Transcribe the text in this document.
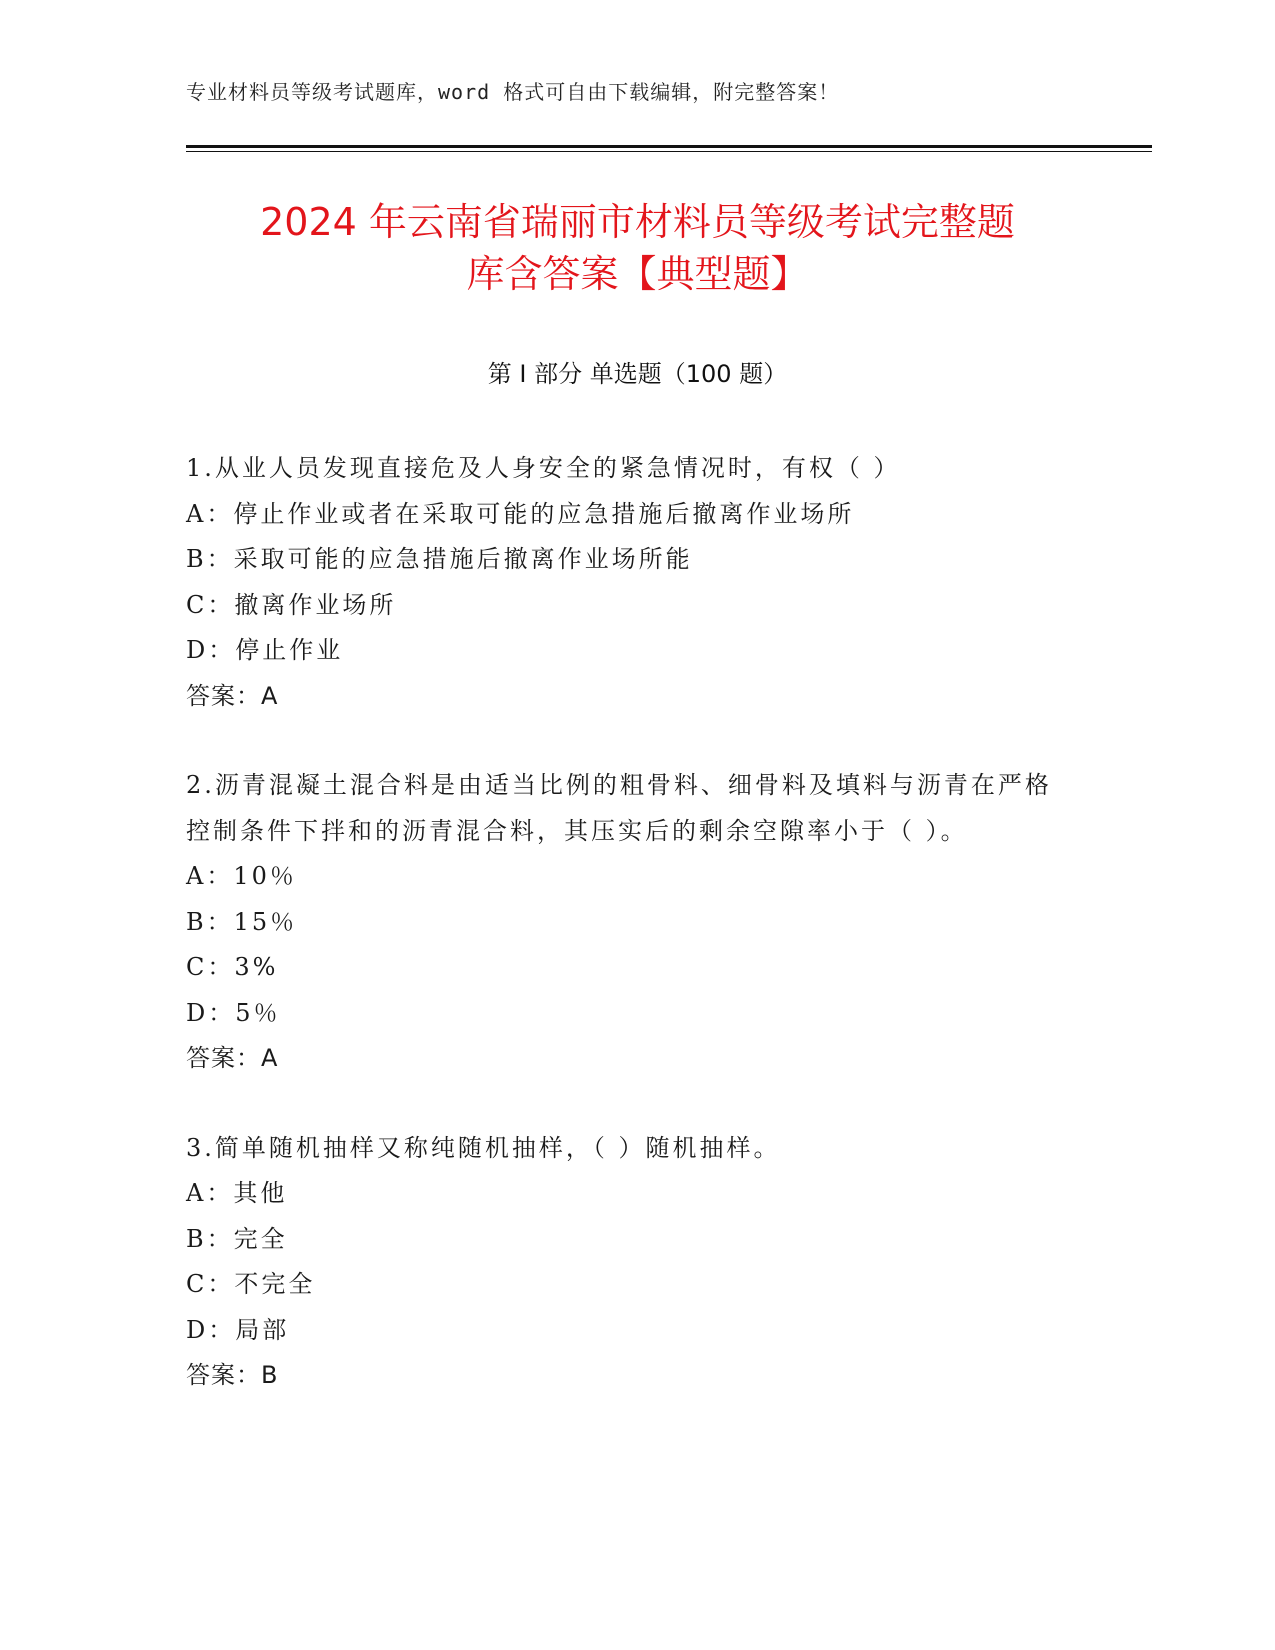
专业材料员等级考试题库，word 格式可自由下载编辑，附完整答案！
2024 年云南省瑞丽市材料员等级考试完整题
库含答案【典型题】
第 I 部分 单选题（100 题）
1.从业人员发现直接危及人身安全的紧急情况时，有权（ ）
A：停止作业或者在采取可能的应急措施后撤离作业场所
B：采取可能的应急措施后撤离作业场所能
C：撤离作业场所
D：停止作业
答案：A
2.沥青混凝土混合料是由适当比例的粗骨料、细骨料及填料与沥青在严格控制条件下拌和的沥青混合料，其压实后的剩余空隙率小于（ ）。
A：10％
B：15％
C：3%
D：5％
答案：A
3.简单随机抽样又称纯随机抽样，（ ）随机抽样。
A：其他
B：完全
C：不完全
D：局部
答案：B
